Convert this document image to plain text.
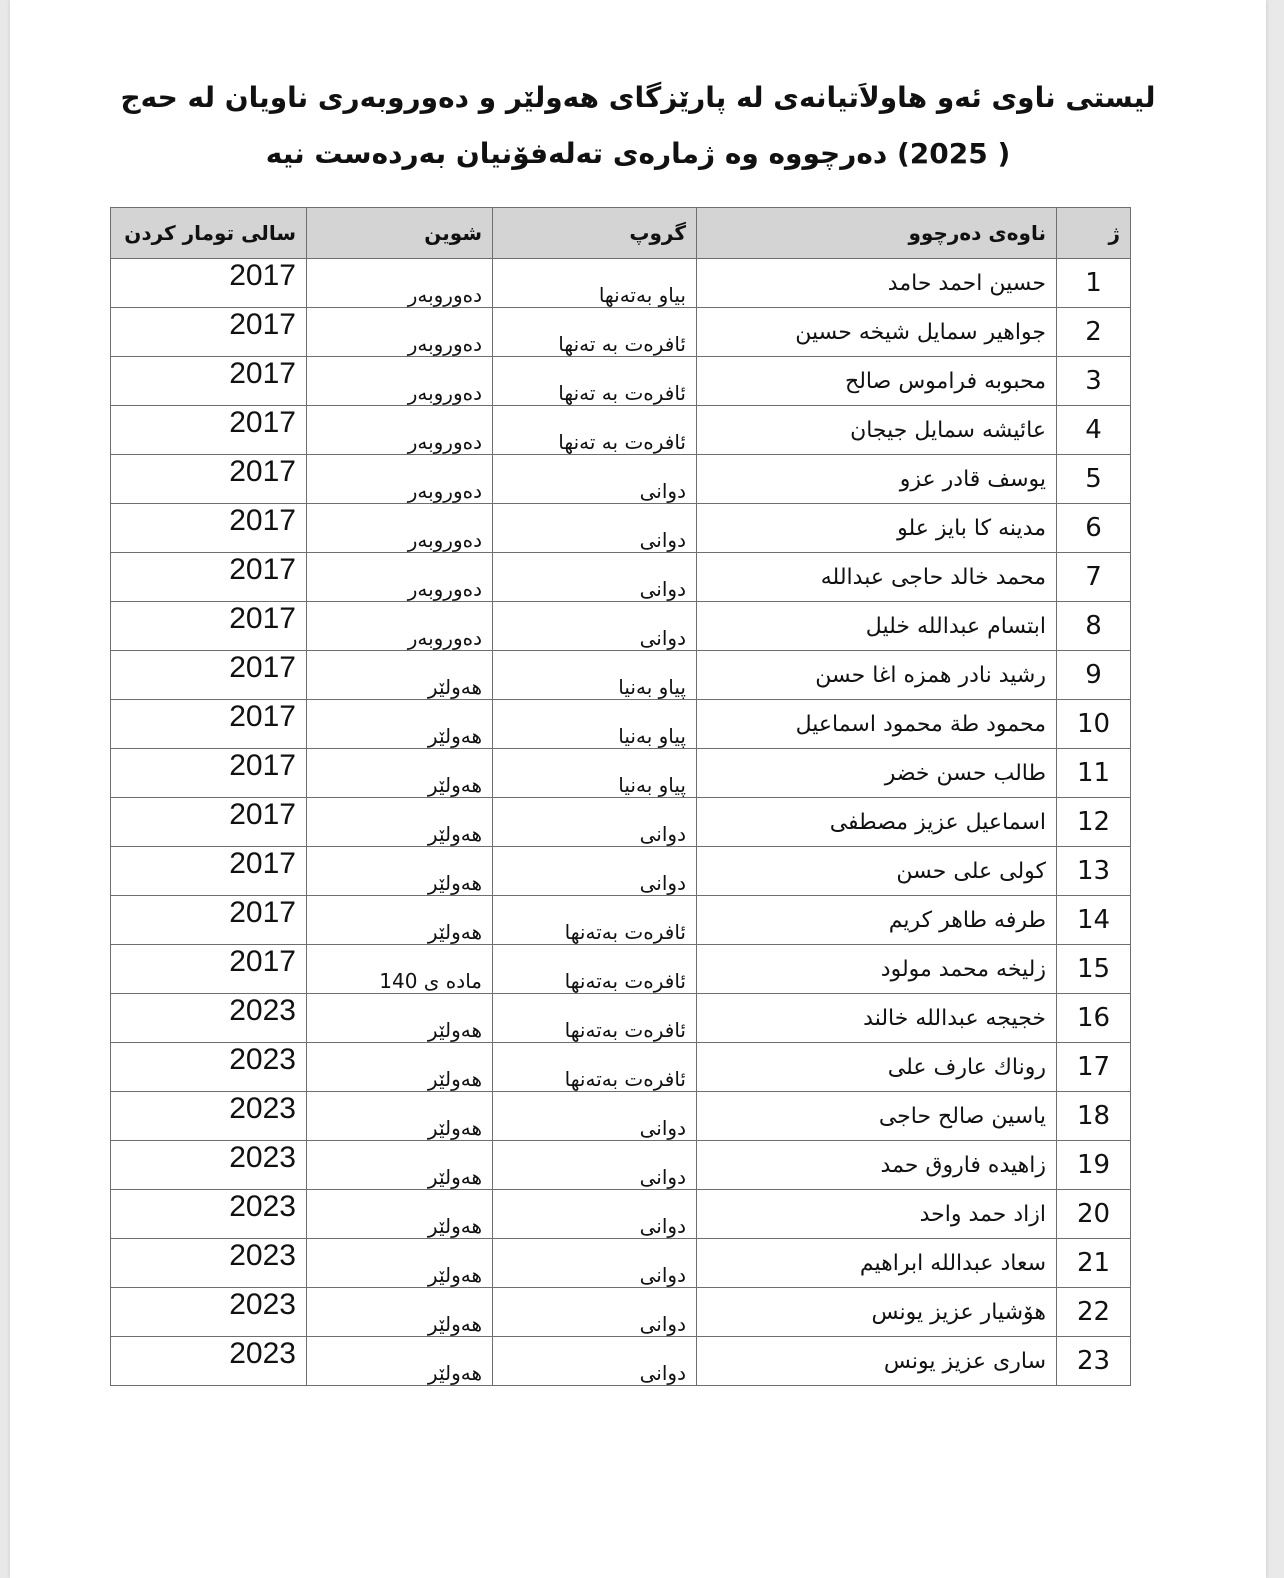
لیستی ناوی ئەو هاولاَتیانەی لە پارێزگای هەولێر و دەوروبەری ناویان لە حەج
( 2025) دەرچووە وە ژمارەی تەلەفۆنیان بەردەست نیە
ژ	ناوەی دەرچوو	گروپ	شوین	سالی تومار كردن
1	حسین احمد حامد	بیاو بەتەنها	دەوروبەر	2017
2	جواهیر سمایل شیخە حسین	ئافرەت بە تەنها	دەوروبەر	2017
3	محبوبە فراموس صالح	ئافرەت بە تەنها	دەوروبەر	2017
4	عائیشە سمایل جیجان	ئافرەت بە تەنها	دەوروبەر	2017
5	یوسف قادر عزو	دوانی	دەوروبەر	2017
6	مدینە کا بایز علو	دوانی	دەوروبەر	2017
7	محمد خالد حاجی عبداللە	دوانی	دەوروبەر	2017
8	ابتسام عبداللە خلیل	دوانی	دەوروبەر	2017
9	رشید نادر همزه اغا حسن	پیاو بەنیا	هەولێر	2017
10	محمود طة محمود اسماعیل	پیاو بەنیا	هەولێر	2017
11	طالب حسن خضر	پیاو بەنیا	هەولێر	2017
12	اسماعیل عزیز مصطفی	دوانی	هەولێر	2017
13	کولی علی حسن	دوانی	هەولێر	2017
14	طرفه طاهر کریم	ئافرەت بەتەنها	هەولێر	2017
15	زلیخه محمد مولود	ئافرەت بەتەنها	ماده ی 140	2017
16	خجیجه عبدالله خالند	ئافرەت بەتەنها	هەولێر	2023
17	روناك عارف علی	ئافرەت بەتەنها	هەولێر	2023
18	یاسین صالح حاجی	دوانی	هەولێر	2023
19	زاهیده فاروق حمد	دوانی	هەولێر	2023
20	ازاد حمد واحد	دوانی	هەولێر	2023
21	سعاد عبدالله ابراهیم	دوانی	هەولێر	2023
22	هۆشیار عزیز یونس	دوانی	هەولێر	2023
23	ساری عزیز یونس	دوانی	هەولێر	2023
